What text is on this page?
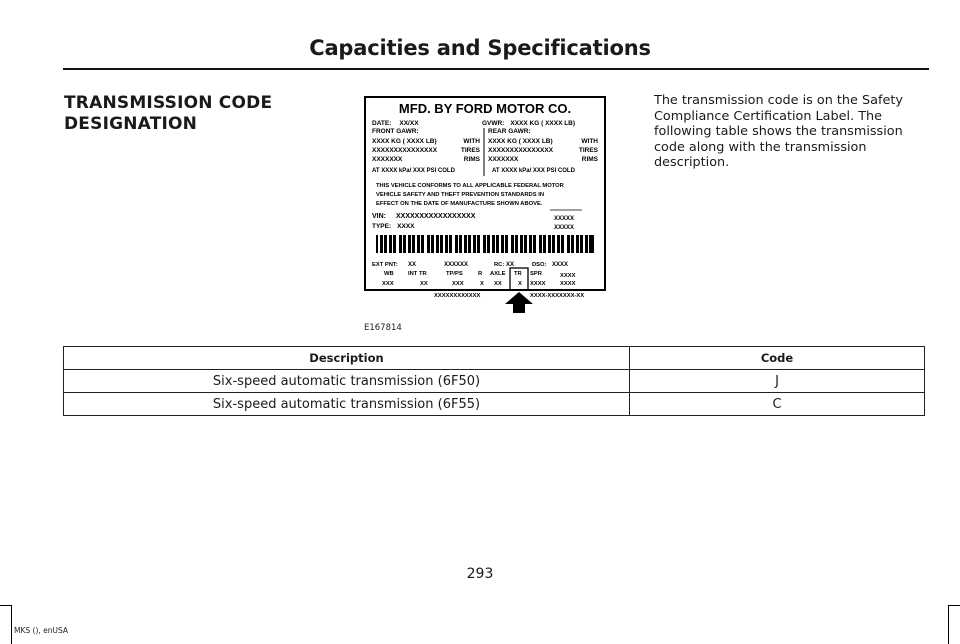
Capacities and Specifications
TRANSMISSION CODE
DESIGNATION
The transmission code is on the Safety Compliance Certification Label. The following table shows the transmission code along with the transmission description.
MFD. BY FORD MOTOR CO.
DATE: XX/XX	GVWR: XXXX KG ( XXXX LB)
FRONT GAWR:	REAR GAWR:
XXXX KG ( XXXX LB)	XXXX KG ( XXXX LB)
WITH	WITH
XXXXXXXXXXXXXXX	XXXXXXXXXXXXXXX
TIRES	TIRES
XXXXXXX	XXXXXXX
RIMS	RIMS
AT XXXX kPa/ XXX PSI COLD	AT XXXX kPa/ XXX PSI COLD
THIS VEHICLE CONFORMS TO ALL APPLICABLE FEDERAL MOTOR
VEHICLE SAFETY AND THEFT PREVENTION STANDARDS IN
EFFECT ON THE DATE OF MANUFACTURE SHOWN ABOVE.
VIN: XXXXXXXXXXXXXXXXX
TYPE: XXXX
XXXXX
XXXXX
EXT PNT: XX	XXXXXX	RC: XX	DSO: XXXX
WB INT TR	TP/PS	R AXLE TR SPR
XXX	XX	XXX	X XX	X XXXX
XXXX
XXXX
XXXXXXXXXXXX	XXXX-XXXXXXX-XX
E167814
Description	Code
Six-speed automatic transmission (6F50)	J
Six-speed automatic transmission (6F55)	C
293
MKS (), enUSA
